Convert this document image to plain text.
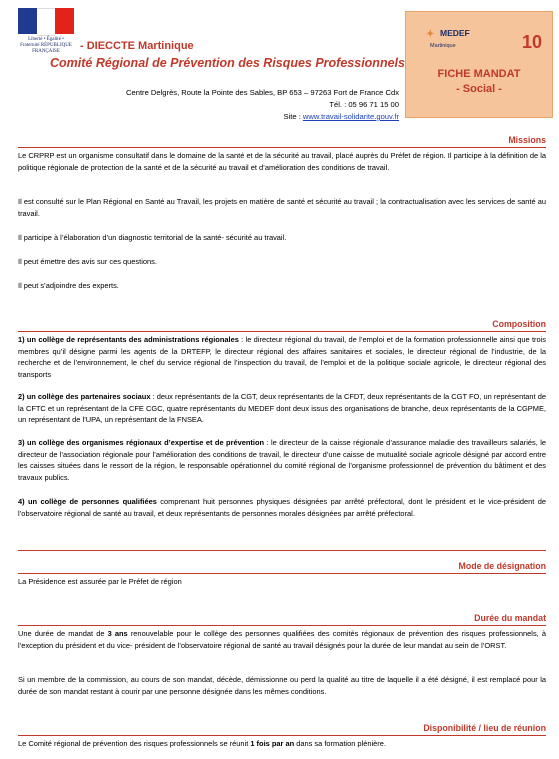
Liberté • Égalité • Fraternité RÉPUBLIQUE FRANÇAISE	- DIECCTE Martinique
Comité Régional de Prévention des Risques Professionnels
Centre Delgrès, Route la Pointe des Sables, BP 653 – 97263 Fort de France Cdx
Tél. : 05 96 71 15 00
Site : www.travail-solidarite.gouv.fr
✦ MEDEF
Martinique	10
FICHE MANDAT
- Social -
Missions
Le CRPRP est un organisme consultatif dans le domaine de la santé et de la sécurité au travail, placé auprès du Préfet de région. Il participe à la définition de la politique régionale de protection de la santé et de la sécurité au travail et d’amélioration des conditions de travail.
Il est consulté sur le Plan Régional en Santé au Travail, les projets en matière de santé et sécurité au travail ; la contractualisation avec les services de santé au travail.
Il participe à l’élaboration d’un diagnostic territorial de la santé- sécurité au travail.
Il peut émettre des avis sur ces questions.
Il peut s’adjoindre des experts.
Composition
1) un collège de représentants des administrations régionales : le directeur régional du travail, de l’emploi et de la formation professionnelle ainsi que trois membres qu’il désigne parmi les agents de la DRTEFP, le directeur régional des affaires sanitaires et sociales, le directeur régional de l’industrie, de la recherche et de l’environnement, le chef du service régional de l’inspection du travail, de l’emploi et de la politique sociale agricole, le directeur régional des transports
2) un collège des partenaires sociaux : deux représentants de la CGT, deux représentants de la CFDT, deux représentants de la CGT FO, un représentant de la CFTC et un représentant de la CFE CGC, quatre représentants du MEDEF dont deux issus des organisations de branche, deux représentants de la CGPME, un représentant de l’UPA, un représentant de la FNSEA.
3) un collège des organismes régionaux d’expertise et de prévention : le directeur de la caisse régionale d’assurance maladie des travailleurs salariés, le directeur de l’association régionale pour l’amélioration des conditions de travail, le directeur d’une caisse de mutualité sociale agricole désigné par accord entre les caisses situées dans le ressort de la région, le responsable opérationnel du comité régional de l’organisme professionnel de prévention du bâtiment et des travaux publics.
4) un collège de personnes qualifiées comprenant huit personnes physiques désignées par arrêté préfectoral, dont le président et le vice-président de l’observatoire régional de santé au travail, et deux représentants de personnes morales désignées par arrêté préfectoral.
Mode de désignation
La Présidence est assurée par le Préfet de région
Durée du mandat
Une durée de mandat de 3 ans renouvelable pour le collège des personnes qualifiées des comités régionaux de prévention des risques professionnels, à l’exception du président et du vice- président de l’observatoire régional de santé au travail désignés pour la durée de leur mandat au sein de l’ORST.
Si un membre de la commission, au cours de son mandat, décède, démissionne ou perd la qualité au titre de laquelle il a été désigné, il est remplacé pour la durée de son mandat restant à courir par une personne désignée dans les mêmes conditions.
Disponibilité / lieu de réunion
Le Comité régional de prévention des risques professionnels se réunit 1 fois par an dans sa formation plénière.
